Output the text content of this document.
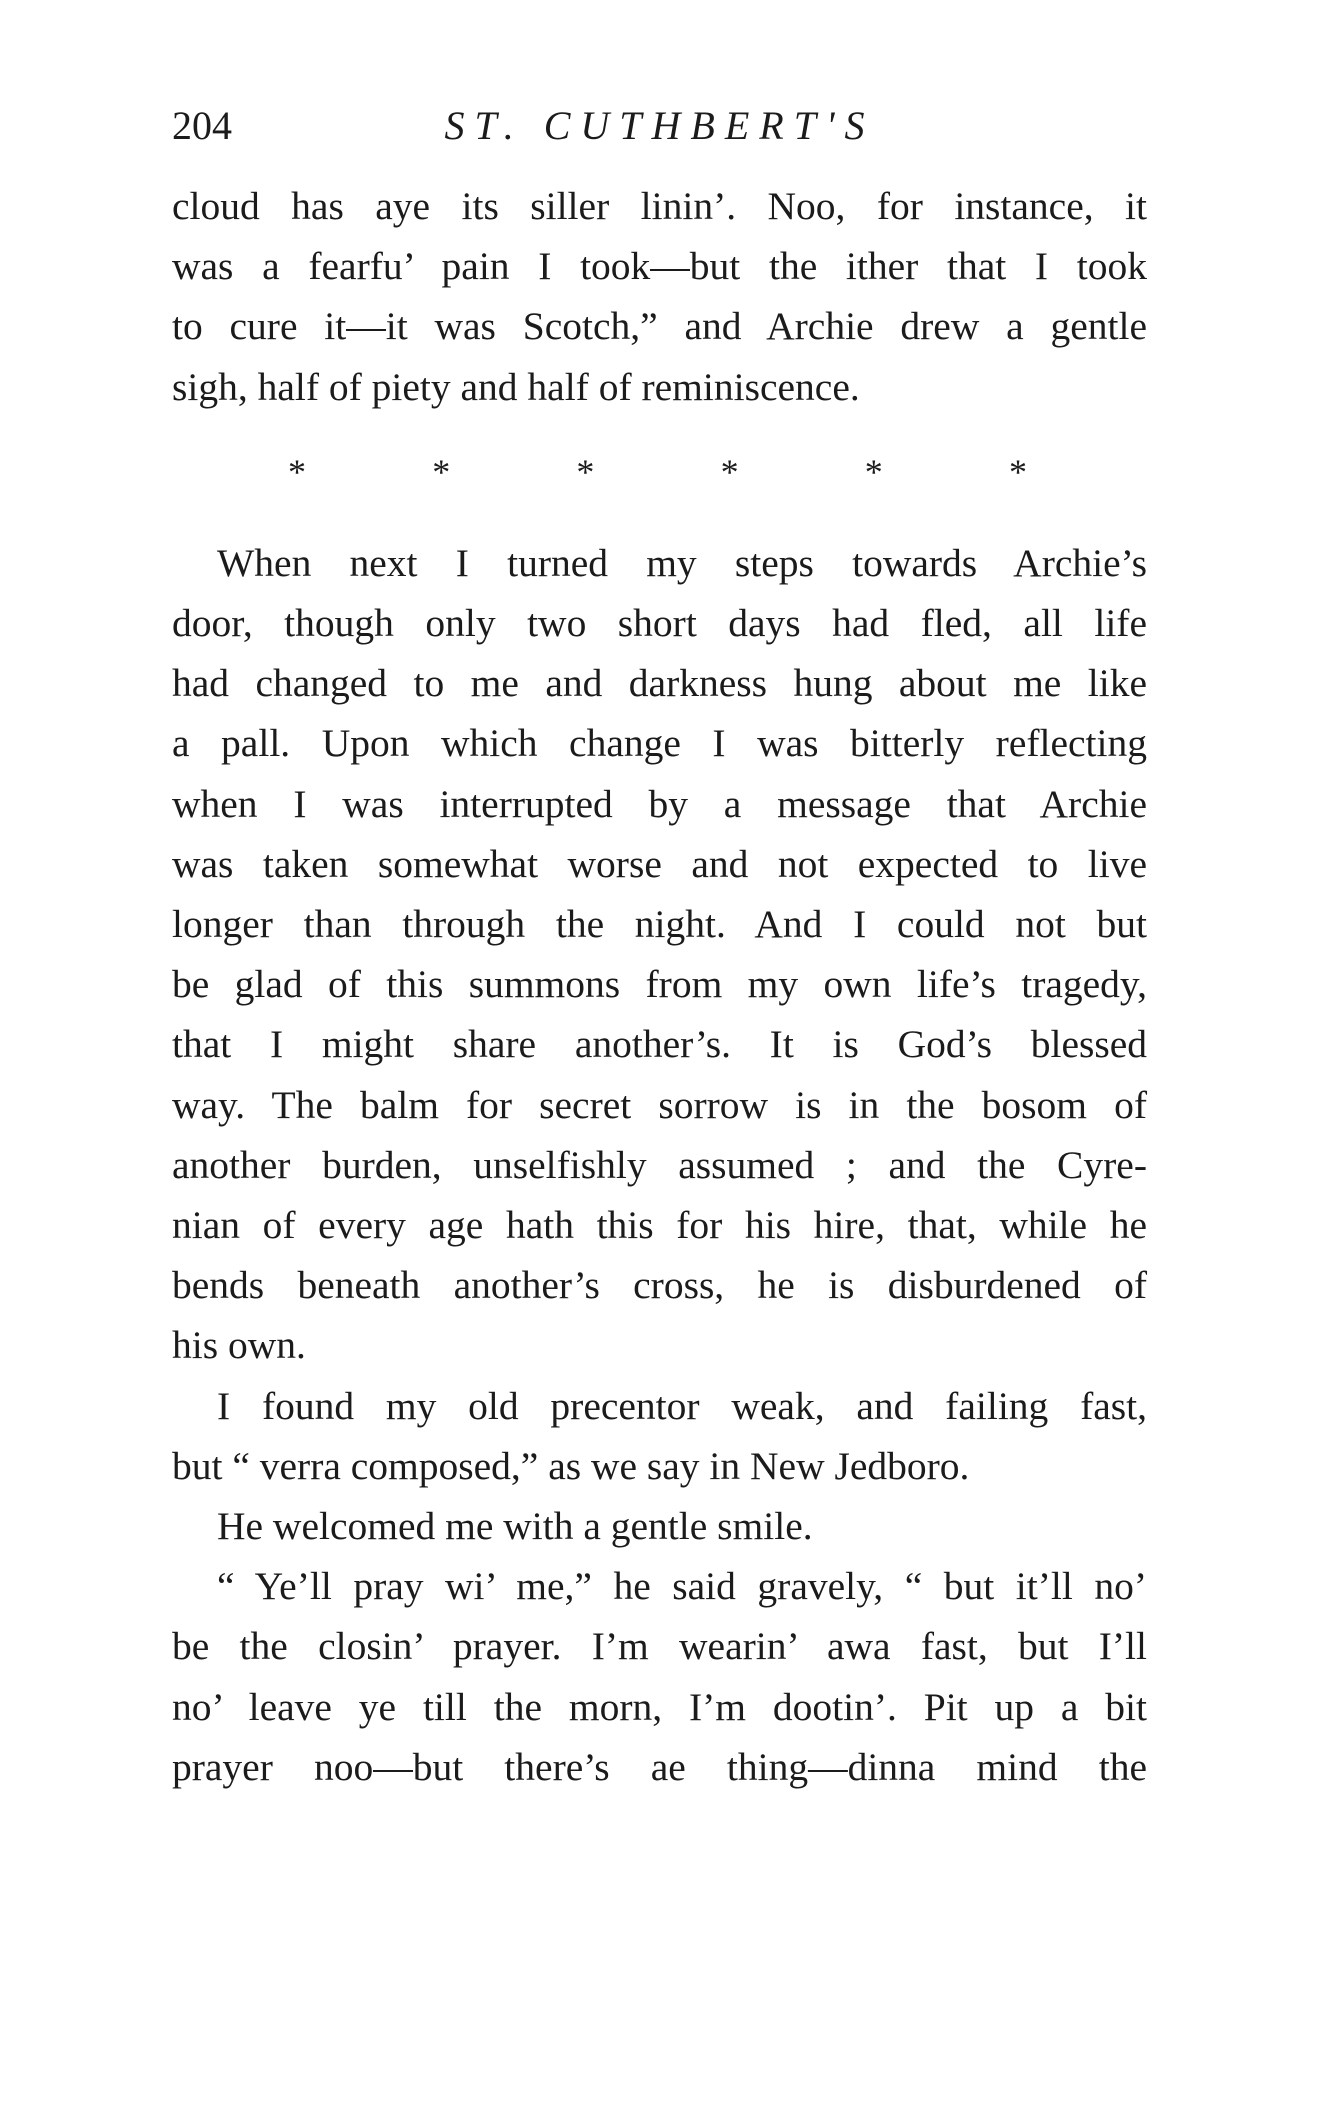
204	ST. CUTHBERT'S

cloud has aye its siller linin’. Noo, for instance, it

was a fearfu’ pain I took—but the ither that I took

to cure it—it was Scotch,” and Archie drew a gentle

sigh, half of piety and half of reminiscence.

*	*	*	*	*	*

When next I turned my steps towards Archie’s

door, though only two short days had fled, all life

had changed to me and darkness hung about me like

a pall. Upon which change I was bitterly reflecting

when I was interrupted by a message that Archie

was taken somewhat worse and not expected to live

longer than through the night. And I could not but

be glad of this summons from my own life’s tragedy,

that I might share another’s. It is God’s blessed

way. The balm for secret sorrow is in the bosom of

another burden, unselfishly assumed ; and the Cyre-

nian of every age hath this for his hire, that, while he

bends beneath another’s cross, he is disburdened of

his own.

I found my old precentor weak, and failing fast,

but “ verra composed,” as we say in New Jedboro.

He welcomed me with a gentle smile.

“ Ye’ll pray wi’ me,” he said gravely, “ but it’ll no’

be the closin’ prayer. I’m wearin’ awa fast, but I’ll

no’ leave ye till the morn, I’m dootin’. Pit up a bit

prayer noo—but there’s ae thing—dinna mind the
